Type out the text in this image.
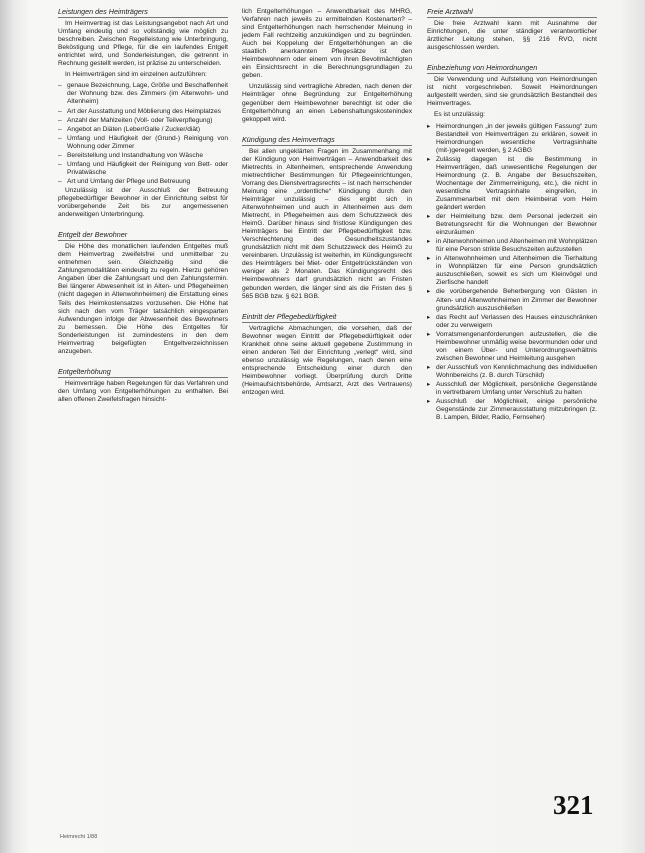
Leistungen des Heimträgers

Im Heimvertrag ist das Leistungsangebot nach Art und Umfang eindeutig und so vollständig wie möglich zu beschreiben. Zwischen Regelleistung wie Unterbringung, Beköstigung und Pflege, für die ein laufendes Entgelt entrichtet wird, und Sonderleistungen, die getrennt in Rechnung gestellt werden, ist präzise zu unterscheiden.

In Heimverträgen sind im einzelnen aufzuführen:

– genaue Bezeichnung, Lage, Größe und Beschaffenheit der Wohnung bzw. des Zimmers (im Altenwohn- und Altenheim)
– Art der Ausstattung und Möblierung des Heimplatzes
– Anzahl der Mahlzeiten (Voll- oder Teilverpflegung)
– Angebot an Diäten (Leber/Galle / Zucker/diät)
– Umfang und Häufigkeit der (Grund-) Reinigung von Wohnung oder Zimmer
– Bereitstellung und Instandhaltung von Wäsche
– Umfang und Häufigkeit der Reinigung von Bett- oder Privatwäsche
– Art und Umfang der Pflege und Betreuung

Unzulässig ist der Ausschluß der Betreuung pflegebedürftiger Bewohner in der Einrichtung selbst für vorübergehende Zeit bis zur angemessenen anderweitigen Unterbringung.

Entgelt der Bewohner

Die Höhe des monatlichen laufenden Entgeltes muß dem Heimvertrag zweifelsfrei und unmittelbar zu entnehmen sein. Gleichzeitig sind die Zahlungsmodalitäten eindeutig zu regeln. Hierzu gehören Angaben über die Zahlungsart und den Zahlungstermin. Bei längerer Abwesenheit ist in Alten- und Pflegeheimen (nicht dagegen in Altenwohnheimen) die Erstattung eines Teils des Heimkostensatzes vorzusehen. Die Höhe hat sich nach den vom Träger tatsächlich eingesparten Aufwendungen infolge der Abwesenheit des Bewohners zu bemessen. Die Höhe des Entgeltes für Sonderleistungen ist zumindestens in den dem Heimvertrag beigefügten Entgeltverzeichnissen anzugeben.

Entgelterhöhung

Heimverträge haben Regelungen für das Verfahren und den Umfang von Entgelterhöhungen zu enthalten. Bei allen offenen Zweifelsfragen hinsicht-

lich Entgelterhöhungen – Anwendbarkeit des MHRG, Verfahren nach jeweils zu ermittelnden Kostenarten? – sind Entgelterhöhungen nach herrschender Meinung in jedem Fall rechtzeitig anzukündigen und zu begründen. Auch bei Koppelung der Entgelterhöhungen an die staatlich anerkannten Pflegesätze ist den Heimbewohnern oder einem von ihren Bevollmächtigten ein Einsichtsrecht in die Berechnungsgrundlagen zu geben.

Unzulässig sind vertragliche Abreden, nach denen der Heimträger ohne Begründung zur Entgelterhöhung gegenüber dem Heimbewohner berechtigt ist oder die Entgelterhöhung an einen Lebenshaltungskostenindex gekoppelt wird.

Kündigung des Heimvertrags

Bei allen ungeklärten Fragen im Zusammenhang mit der Kündigung von Heimverträgen – Anwendbarkeit des Mietrechts in Altenheimen, entsprechende Anwendung mietrechtlicher Bestimmungen für Pflegeeinrichtungen, Vorrang des Dienstvertragsrechts – ist nach herrschender Meinung eine „ordentliche“ Kündigung durch den Heimträger unzulässig – dies ergibt sich in Altenwohnheimen und auch in Altenheimen aus dem Mietrecht, in Pflegeheimen aus dem Schutzzweck des HeimG. Darüber hinaus sind fristlose Kündigungen des Heimträgers bei Eintritt der Pflegebedürftigkeit bzw. Verschlechterung des Gesundheitszustandes grundsätzlich nicht mit dem Schutzzweck des HeimG zu vereinbaren. Unzulässig ist weiterhin, im Kündigungsrecht des Heimträgers bei Miet- oder Entgeltrückständen von weniger als 2 Monaten. Das Kündigungsrecht des Heimbewohners darf grundsätzlich nicht an Fristen gebunden werden, die länger sind als die Fristen des § 565 BGB bzw. § 621 BGB.

Eintritt der Pflegebedürftigkeit

Vertragliche Abmachungen, die vorsehen, daß der Bewohner wegen Eintritt der Pflegebedürftigkeit oder Krankheit ohne seine aktuell gegebene Zustimmung in einen anderen Teil der Einrichtung „verlegt“ wird, sind ebenso unzulässig wie Regelungen, nach denen eine entsprechende Entscheidung einer durch den Heimbewohner vorliegt. Überprüfung durch Dritte (Heimaufsichtsbehörde, Amtsarzt, Arzt des Vertrauens) entzogen wird.

Freie Arztwahl

Die freie Arztwahl kann mit Ausnahme der Einrichtungen, die unter ständiger verantwortlicher ärztlicher Leitung stehen, §§ 216 RVO, nicht ausgeschlossen werden.

Einbeziehung von Heimordnungen

Die Verwendung und Aufstellung von Heimordnungen ist nicht vorgeschrieben. Soweit Heimordnungen aufgestellt werden, sind sie grundsätzlich Bestandteil des Heimvertrages.

Es ist unzulässig:

▸ Heimordnungen „in der jeweils gültigen Fassung“ zum Bestandteil von Heimverträgen zu erklären, soweit in Heimordnungen wesentliche Vertragsinhalte (mit-)geregelt werden, § 2 AGBG
▸ Zulässig dagegen ist die Bestimmung in Heimverträgen, daß unwesentliche Regelungen der Heimordnung (z. B. Angabe der Besuchszeiten, Wochentage der Zimmerreinigung, etc.), die nicht in wesentliche Vertragsinhalte eingreifen, in Zusammenarbeit mit dem Heimbeirat vom Heim geändert werden
▸ der Heimleitung bzw. dem Personal jederzeit ein Betretungsrecht für die Wohnungen der Bewohner einzuräumen
▸ in Altenwohnheimen und Altenheimen mit Wohnplätzen für eine Person strikte Besuchszeiten aufzustellen
▸ in Altenwohnheimen und Altenheimen die Tierhaltung in Wohnplätzen für eine Person grundsätzlich auszuschließen, soweit es sich um Kleinvögel und Zierfische handelt
▸ die vorübergehende Beherbergung von Gästen in Alten- und Altenwohnheimen im Zimmer der Bewohner grundsätzlich auszuschließen
▸ das Recht auf Verlassen des Hauses einzuschränken oder zu verweigern
▸ Vorratsmengenanforderungen aufzustellen, die die Heimbewohner unmäßig weise bevormunden oder und von einem Über- und Unterordnungsverhältnis zwischen Bewohner und Heimleitung ausgehen
▸ der Ausschluß von Kennlichmachung des individuellen Wohnbereichs (z. B. durch Türschild)
▸ Ausschluß der Möglichkeit, persönliche Gegenstände in vertretbarem Umfang unter Verschluß zu halten
▸ Ausschluß der Möglichkeit, einige persönliche Gegenstände zur Zimmerausstattung mitzubringen (z. B. Lampen, Bilder, Radio, Fernseher)
321
Heimrecht 1/88
